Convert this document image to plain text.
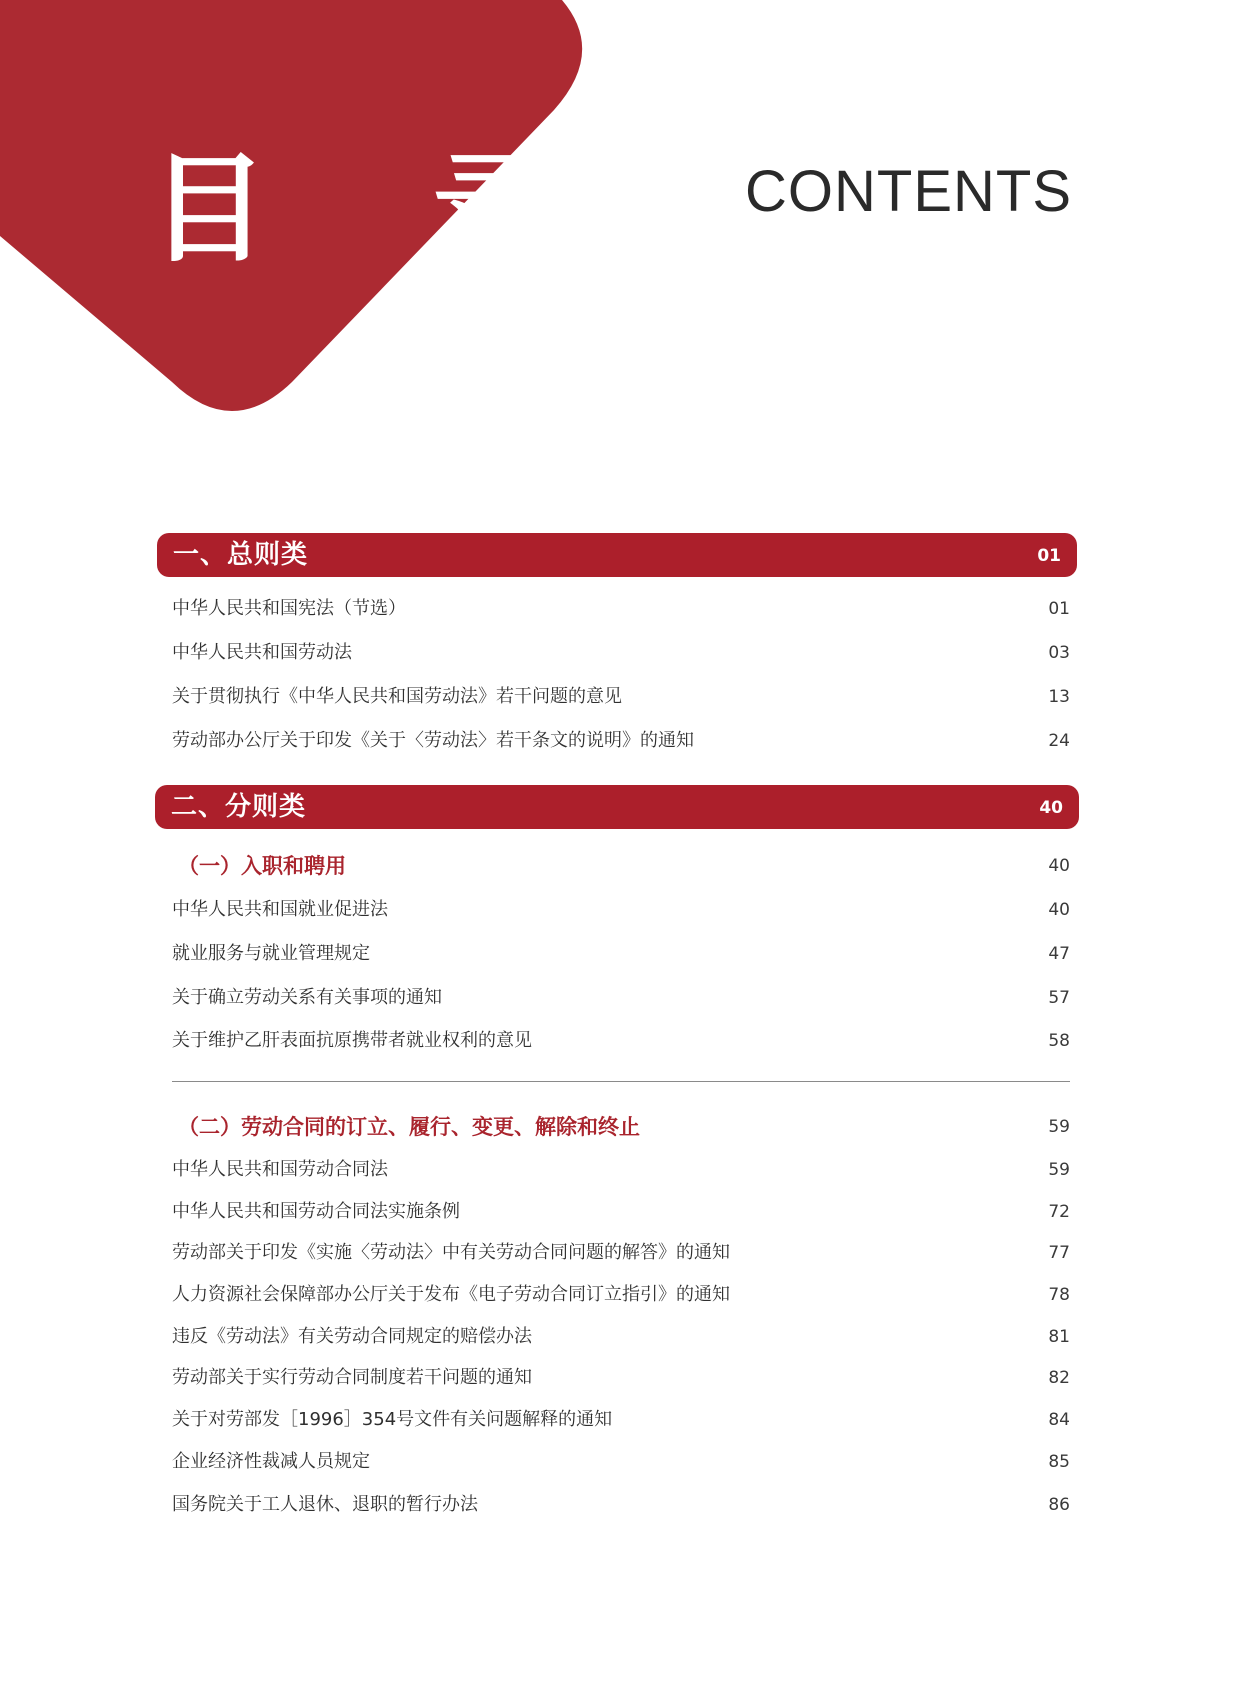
目 录 CONTENTS
一、总则类	01
中华人民共和国宪法（节选）	01
中华人民共和国劳动法	03
关于贯彻执行《中华人民共和国劳动法》若干问题的意见	13
劳动部办公厅关于印发《关于〈劳动法〉若干条文的说明》的通知	24
二、分则类	40
（一）入职和聘用	40
中华人民共和国就业促进法	40
就业服务与就业管理规定	47
关于确立劳动关系有关事项的通知	57
关于维护乙肝表面抗原携带者就业权利的意见	58
（二）劳动合同的订立、履行、变更、解除和终止	59
中华人民共和国劳动合同法	59
中华人民共和国劳动合同法实施条例	72
劳动部关于印发《实施〈劳动法〉中有关劳动合同问题的解答》的通知	77
人力资源社会保障部办公厅关于发布《电子劳动合同订立指引》的通知	78
违反《劳动法》有关劳动合同规定的赔偿办法	81
劳动部关于实行劳动合同制度若干问题的通知	82
关于对劳部发［1996］354号文件有关问题解释的通知	84
企业经济性裁减人员规定	85
国务院关于工人退休、退职的暂行办法	86
